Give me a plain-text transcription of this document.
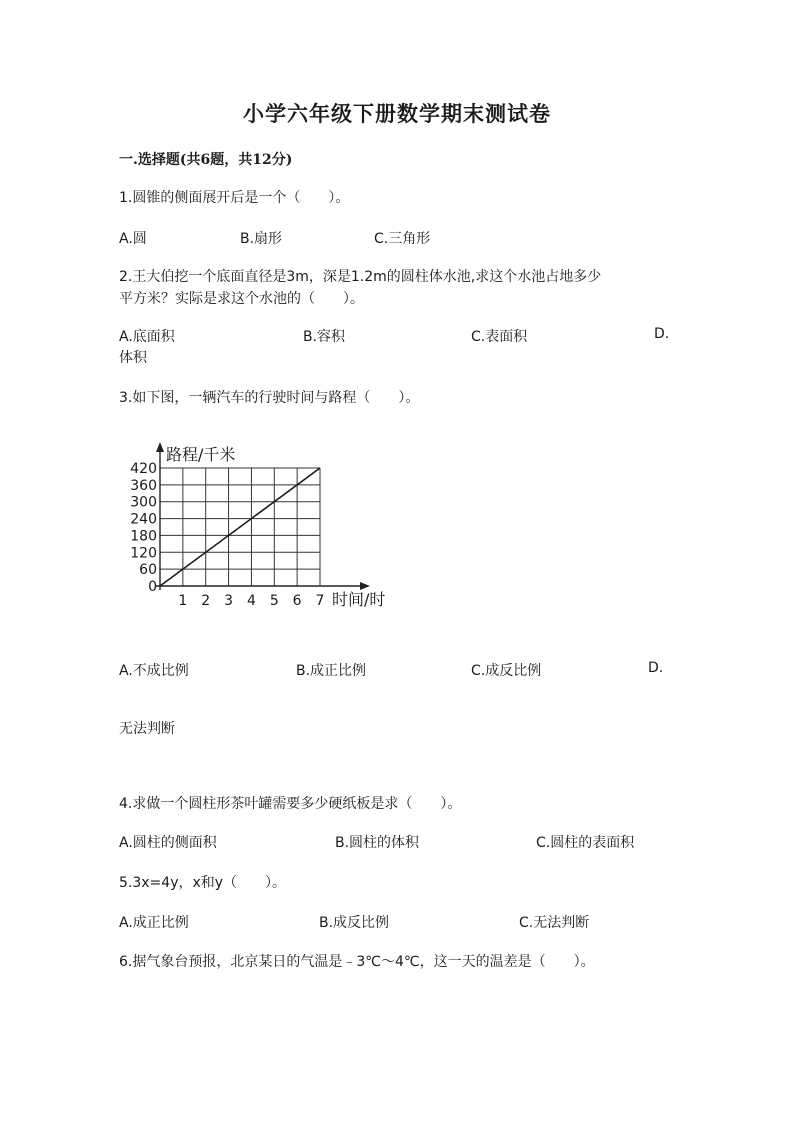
小学六年级下册数学期末测试卷
一.选择题(共6题，共12分)
1.圆锥的侧面展开后是一个（　　）。
A.圆	B.扇形	C.三角形
2.王大伯挖一个底面直径是3m，深是1.2m的圆柱体水池,求这个水池占地多少
平方米？实际是求这个水池的（　　）。
A.底面积	B.容积	C.表面积	D.
体积
3.如下图，一辆汽车的行驶时间与路程（　　）。
0
60
120
180
240
300
360
420
1 2 3 4 5 6 7
路程/千米
时间/时
A.不成比例	B.成正比例	C.成反比例	D.
无法判断
4.求做一个圆柱形茶叶罐需要多少硬纸板是求（　　）。
A.圆柱的侧面积	B.圆柱的体积	C.圆柱的表面积
5.3x=4y，x和y（　　）。
A.成正比例	B.成反比例	C.无法判断
6.据气象台预报，北京某日的气温是﹣3℃～4℃，这一天的温差是（　　）。
